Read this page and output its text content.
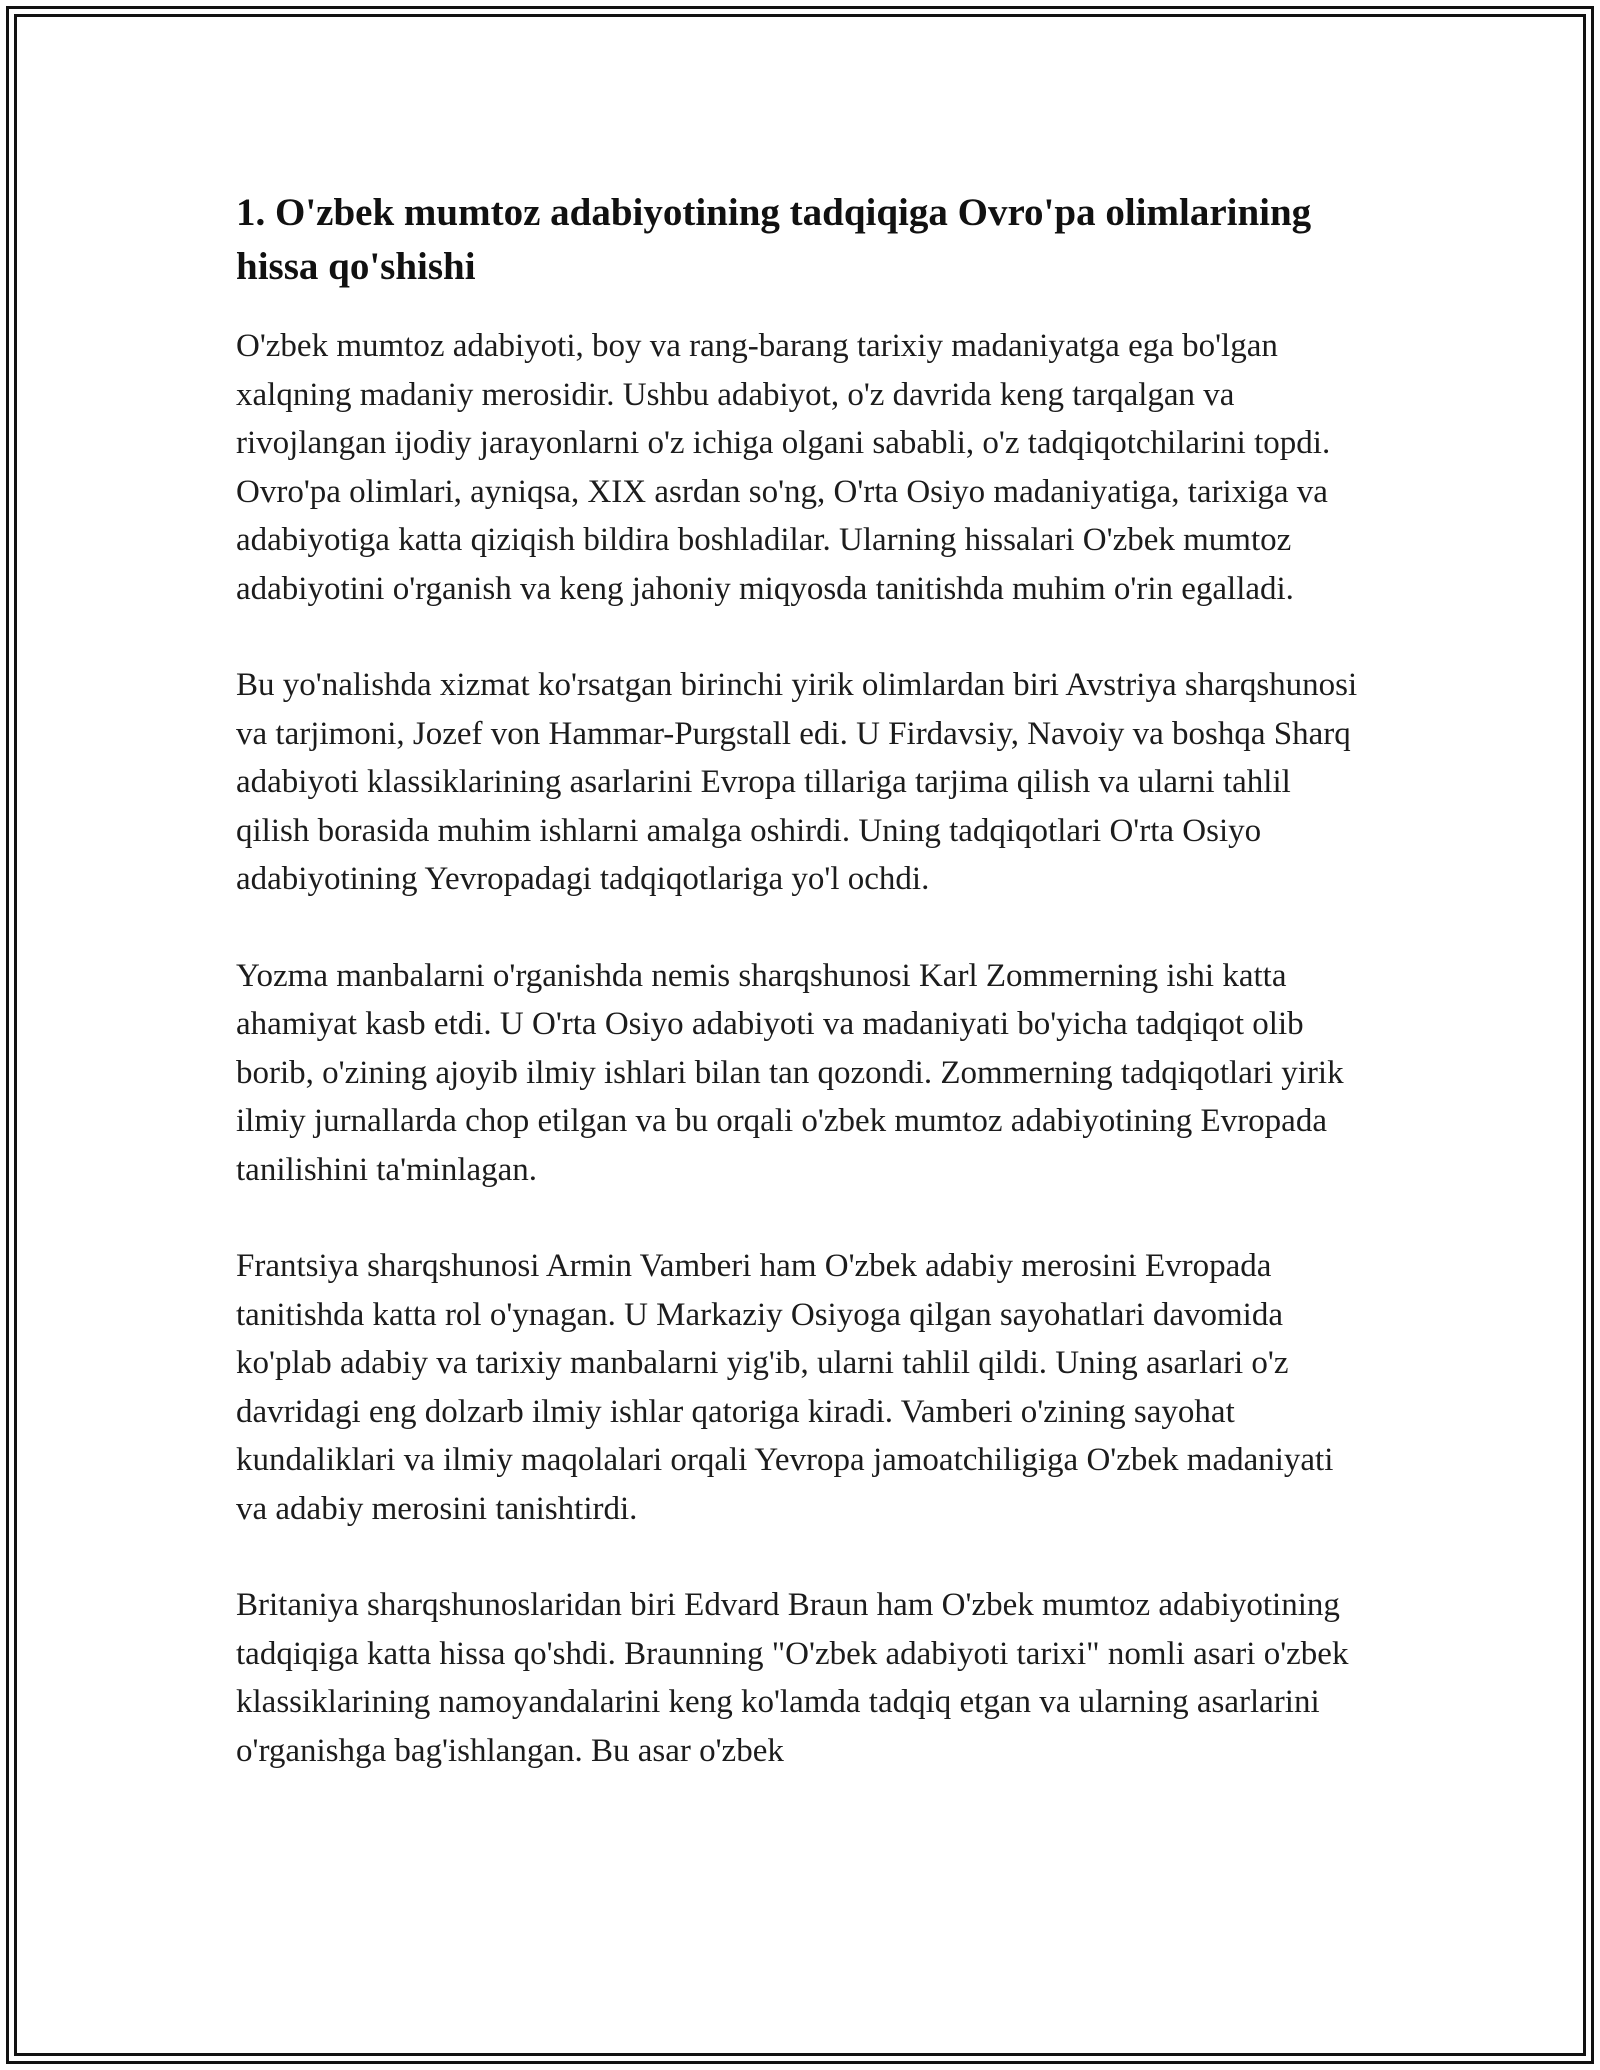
1. O'zbek mumtoz adabiyotining tadqiqiga Ovro'pa olimlarining hissa qo'shishi

O'zbek mumtoz adabiyoti, boy va rang-barang tarixiy madaniyatga ega bo'lgan xalqning madaniy merosidir. Ushbu adabiyot, o'z davrida keng tarqalgan va rivojlangan ijodiy jarayonlarni o'z ichiga olgani sababli, o'z tadqiqotchilarini topdi. Ovro'pa olimlari, ayniqsa, XIX asrdan so'ng, O'rta Osiyo madaniyatiga, tarixiga va adabiyotiga katta qiziqish bildira boshladilar. Ularning hissalari O'zbek mumtoz adabiyotini o'rganish va keng jahoniy miqyosda tanitishda muhim o'rin egalladi.

Bu yo'nalishda xizmat ko'rsatgan birinchi yirik olimlardan biri Avstriya sharqshunosi va tarjimoni, Jozef von Hammar-Purgstall edi. U Firdavsiy, Navoiy va boshqa Sharq adabiyoti klassiklarining asarlarini Evropa tillariga tarjima qilish va ularni tahlil qilish borasida muhim ishlarni amalga oshirdi. Uning tadqiqotlari O'rta Osiyo adabiyotining Yevropadagi tadqiqotlariga yo'l ochdi.

Yozma manbalarni o'rganishda nemis sharqshunosi Karl Zommerning ishi katta ahamiyat kasb etdi. U O'rta Osiyo adabiyoti va madaniyati bo'yicha tadqiqot olib borib, o'zining ajoyib ilmiy ishlari bilan tan qozondi. Zommerning tadqiqotlari yirik ilmiy jurnallarda chop etilgan va bu orqali o'zbek mumtoz adabiyotining Evropada tanilishini ta'minlagan.

Frantsiya sharqshunosi Armin Vamberi ham O'zbek adabiy merosini Evropada tanitishda katta rol o'ynagan. U Markaziy Osiyoga qilgan sayohatlari davomida ko'plab adabiy va tarixiy manbalarni yig'ib, ularni tahlil qildi. Uning asarlari o'z davridagi eng dolzarb ilmiy ishlar qatoriga kiradi. Vamberi o'zining sayohat kundaliklari va ilmiy maqolalari orqali Yevropa jamoatchiligiga O'zbek madaniyati va adabiy merosini tanishtirdi.

Britaniya sharqshunoslaridan biri Edvard Braun ham O'zbek mumtoz adabiyotining tadqiqiga katta hissa qo'shdi. Braunning "O'zbek adabiyoti tarixi" nomli asari o'zbek klassiklarining namoyandalarini keng ko'lamda tadqiq etgan va ularning asarlarini o'rganishga bag'ishlangan. Bu asar o'zbek
